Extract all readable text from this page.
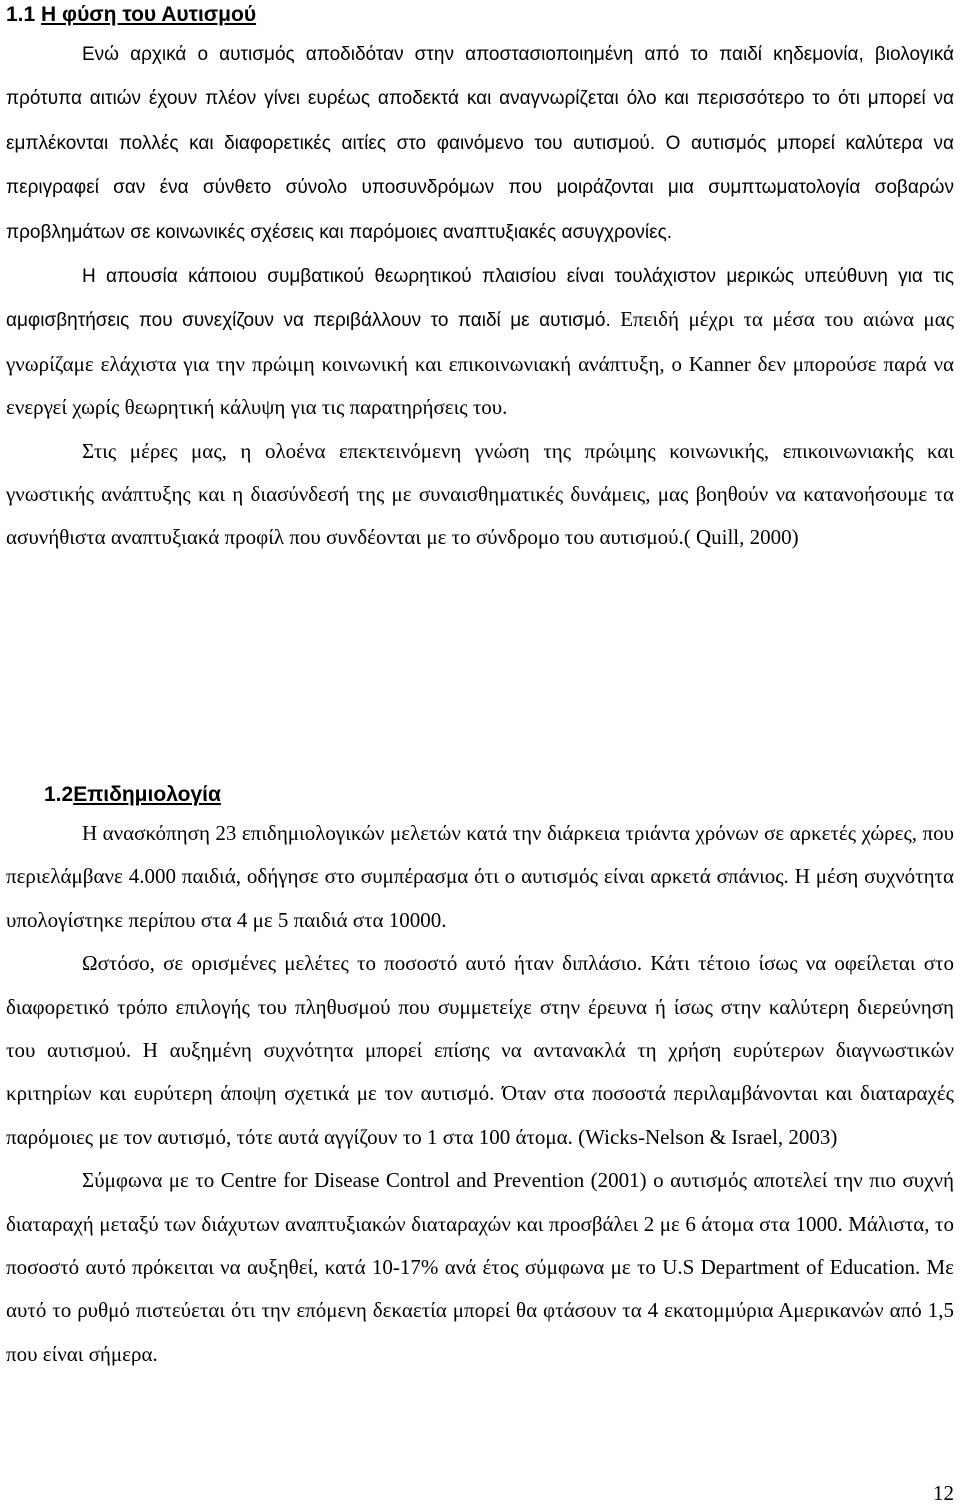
1.1 Η φύση του Αυτισμού

Ενώ αρχικά ο αυτισμός αποδιδόταν στην αποστασιοποιημένη από το παιδί κηδεμονία, βιολογικά πρότυπα αιτιών έχουν πλέον γίνει ευρέως αποδεκτά και αναγνωρίζεται όλο και περισσότερο το ότι μπορεί να εμπλέκονται πολλές και διαφορετικές αιτίες στο φαινόμενο του αυτισμού. Ο αυτισμός μπορεί καλύτερα να περιγραφεί σαν ένα σύνθετο σύνολο υποσυνδρόμων που μοιράζονται μια συμπτωματολογία σοβαρών προβλημάτων σε κοινωνικές σχέσεις και παρόμοιες αναπτυξιακές ασυγχρονίες.

Η απουσία κάποιου συμβατικού θεωρητικού πλαισίου είναι τουλάχιστον μερικώς υπεύθυνη για τις αμφισβητήσεις που συνεχίζουν να περιβάλλουν το παιδί με αυτισμό. Επειδή μέχρι τα μέσα του αιώνα μας γνωρίζαμε ελάχιστα για την πρώιμη κοινωνική και επικοινωνιακή ανάπτυξη, ο Kanner δεν μπορούσε παρά να ενεργεί χωρίς θεωρητική κάλυψη για τις παρατηρήσεις του.

Στις μέρες μας, η ολοένα επεκτεινόμενη γνώση της πρώιμης κοινωνικής, επικοινωνιακής και γνωστικής ανάπτυξης και η διασύνδεσή της με συναισθηματικές δυνάμεις, μας βοηθούν να κατανοήσουμε τα ασυνήθιστα αναπτυξιακά προφίλ που συνδέονται με το σύνδρομο του αυτισμού.( Quill, 2000)

1.2Επιδημιολογία

Η ανασκόπηση 23 επιδημιολογικών μελετών κατά την διάρκεια τριάντα χρόνων σε αρκετές χώρες, που περιελάμβανε 4.000 παιδιά, οδήγησε στο συμπέρασμα ότι ο αυτισμός είναι αρκετά σπάνιος. Η μέση συχνότητα υπολογίστηκε περίπου στα 4 με 5 παιδιά στα 10000.

Ωστόσο, σε ορισμένες μελέτες το ποσοστό αυτό ήταν διπλάσιο. Κάτι τέτοιο ίσως να οφείλεται στο διαφορετικό τρόπο επιλογής του πληθυσμού που συμμετείχε στην έρευνα ή ίσως στην καλύτερη διερεύνηση του αυτισμού. Η αυξημένη συχνότητα μπορεί επίσης να αντανακλά τη χρήση ευρύτερων διαγνωστικών κριτηρίων και ευρύτερη άποψη σχετικά με τον αυτισμό. Όταν στα ποσοστά περιλαμβάνονται και διαταραχές παρόμοιες με τον αυτισμό, τότε αυτά αγγίζουν το 1 στα 100 άτομα. (Wicks-Nelson & Israel, 2003)

Σύμφωνα με το Centre for Disease Control and Prevention (2001) ο αυτισμός αποτελεί την πιο συχνή διαταραχή μεταξύ των διάχυτων αναπτυξιακών διαταραχών και προσβάλει 2 με 6 άτομα στα 1000. Μάλιστα, το ποσοστό αυτό πρόκειται να αυξηθεί, κατά 10-17% ανά έτος σύμφωνα με το U.S Department of Education. Με αυτό το ρυθμό πιστεύεται ότι την επόμενη δεκαετία μπορεί θα φτάσουν τα 4 εκατομμύρια Αμερικανών από 1,5 που είναι σήμερα.

12
